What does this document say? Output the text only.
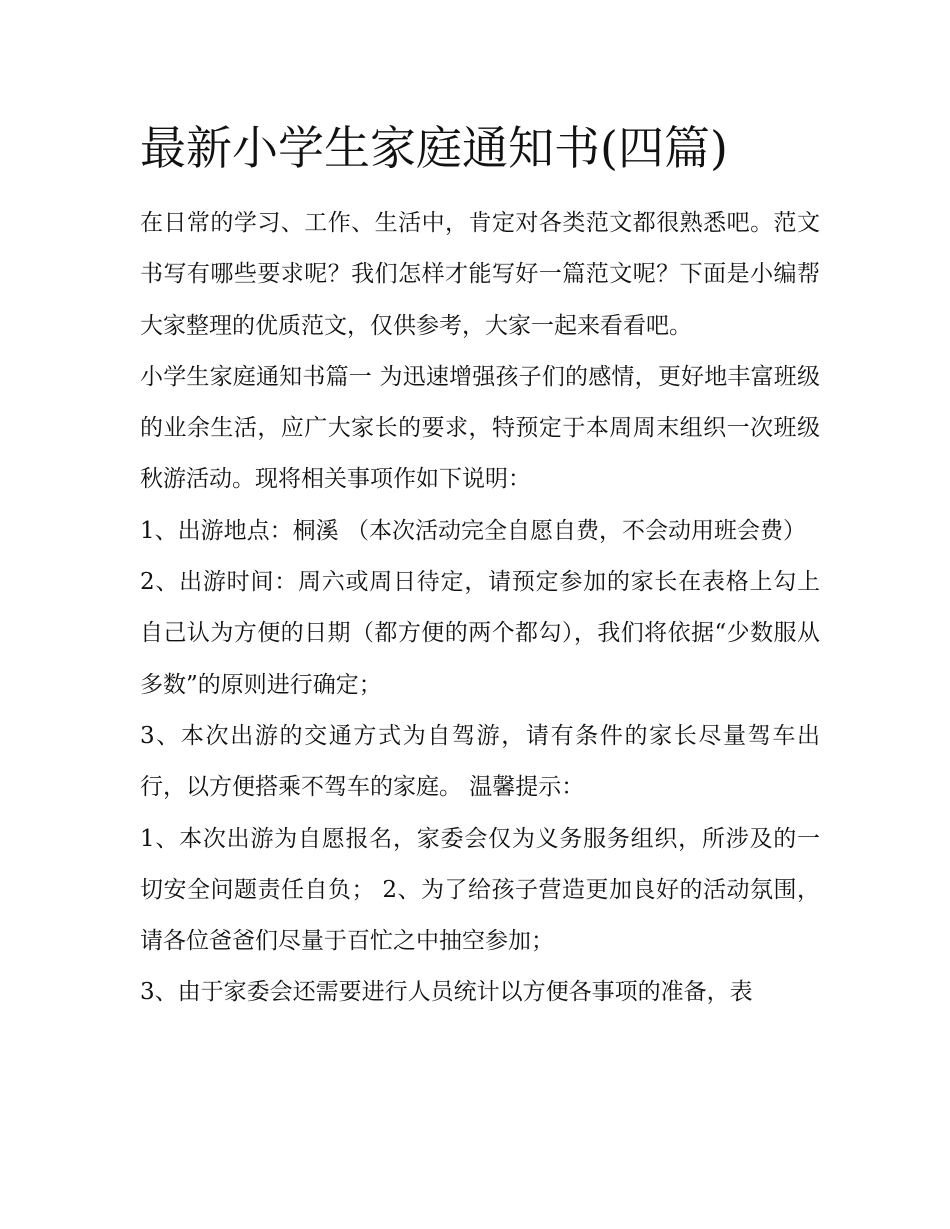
最新小学生家庭通知书(四篇)

在日常的学习、工作、生活中，肯定对各类范文都很熟悉吧。范文书写有哪些要求呢？我们怎样才能写好一篇范文呢？下面是小编帮大家整理的优质范文，仅供参考，大家一起来看看吧。

小学生家庭通知书篇一 为迅速增强孩子们的感情，更好地丰富班级的业余生活，应广大家长的要求，特预定于本周周末组织一次班级秋游活动。现将相关事项作如下说明：

1、出游地点：桐溪 （本次活动完全自愿自费，不会动用班会费）

2、出游时间：周六或周日待定，请预定参加的家长在表格上勾上自己认为方便的日期（都方便的两个都勾），我们将依据“少数服从多数”的原则进行确定；

3、本次出游的交通方式为自驾游，请有条件的家长尽量驾车出行，以方便搭乘不驾车的家庭。 温馨提示：

1、本次出游为自愿报名，家委会仅为义务服务组织，所涉及的一切安全问题责任自负； 2、为了给孩子营造更加良好的活动氛围，请各位爸爸们尽量于百忙之中抽空参加；

3、由于家委会还需要进行人员统计以方便各事项的准备，表
